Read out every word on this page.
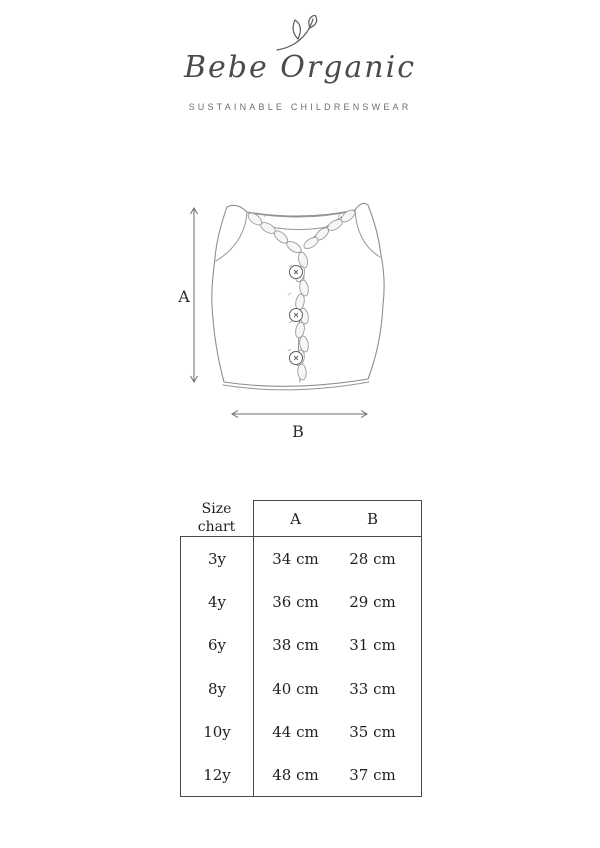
Bebe Organic
SUSTAINABLE CHILDRENSWEAR
A
B
Size chart	A	B
3y	34 cm	28 cm
4y	36 cm	29 cm
6y	38 cm	31 cm
8y	40 cm	33 cm
10y	44 cm	35 cm
12y	48 cm	37 cm
